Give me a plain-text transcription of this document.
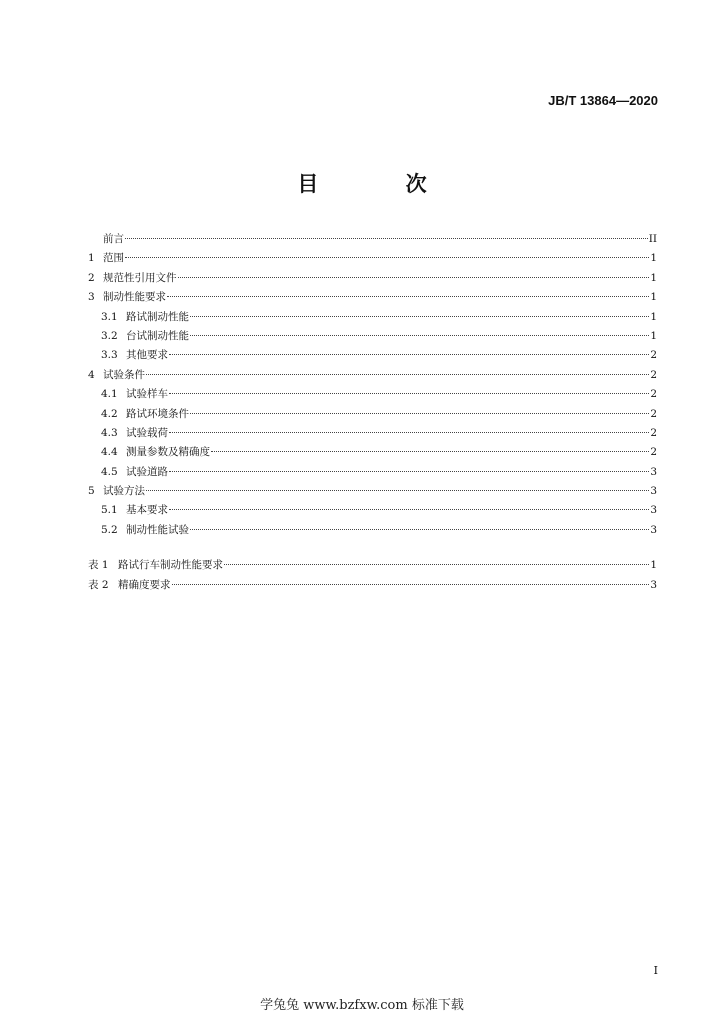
JB/T 13864—2020
目 次
前言	II
1 范围	1
2 规范性引用文件	1
3 制动性能要求	1
3.1 路试制动性能	1
3.2 台试制动性能	1
3.3 其他要求	2
4 试验条件	2
4.1 试验样车	2
4.2 路试环境条件	2
4.3 试验载荷	2
4.4 测量参数及精确度	2
4.5 试验道路	3
5 试验方法	3
5.1 基本要求	3
5.2 制动性能试验	3
表 1 路试行车制动性能要求	1
表 2 精确度要求	3
I
学兔兔 www.bzfxw.com 标准下载
